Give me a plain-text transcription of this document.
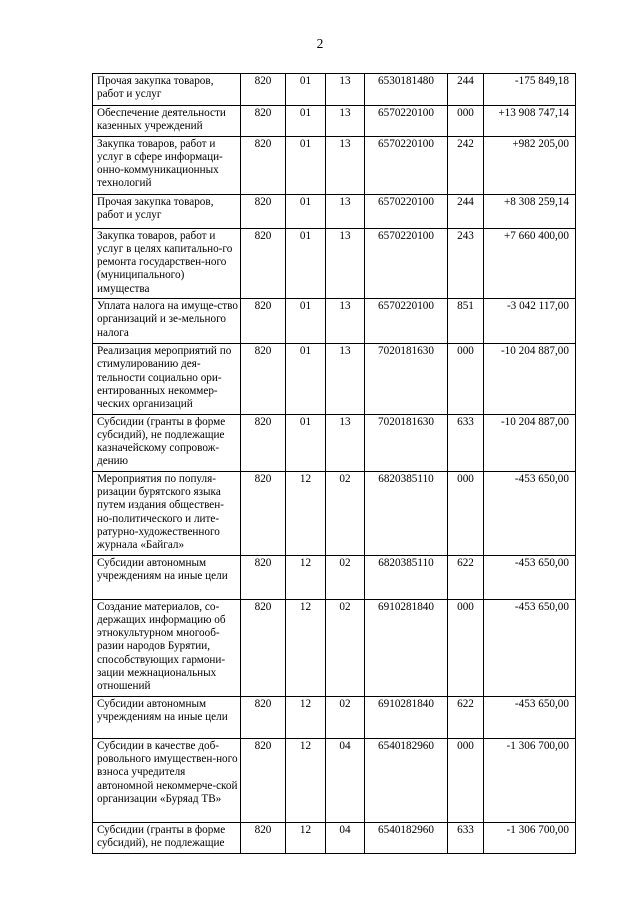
2
Прочая закупка товаров, работ и услуг	820	01	13	6530181480	244	-175 849,18
Обеспечение деятельности казенных учреждений	820	01	13	6570220100	000	+13 908 747,14
Закупка товаров, работ и услуг в сфере информаци-онно-коммуникационных технологий	820	01	13	6570220100	242	+982 205,00
Прочая закупка товаров, работ и услуг	820	01	13	6570220100	244	+8 308 259,14
Закупка товаров, работ и услуг в целях капитально-го ремонта государствен-ного (муниципального) имущества	820	01	13	6570220100	243	+7 660 400,00
Уплата налога на имуще-ство организаций и зе-мельного налога	820	01	13	6570220100	851	-3 042 117,00
Реализация мероприятий по стимулированию дея-тельности социально ори-ентированных некоммер-ческих организаций	820	01	13	7020181630	000	-10 204 887,00
Субсидии (гранты в форме субсидий), не подлежащие казначейскому сопровож-дению	820	01	13	7020181630	633	-10 204 887,00
Мероприятия по популя-ризации бурятского языка путем издания обществен-но-политического и лите-ратурно-художественного журнала «Байгал»	820	12	02	6820385110	000	-453 650,00
Субсидии автономным учреждениям на иные цели	820	12	02	6820385110	622	-453 650,00
Создание материалов, со-держащих информацию об этнокультурном многооб-разии народов Бурятии, способствующих гармони-зации межнациональных отношений	820	12	02	6910281840	000	-453 650,00
Субсидии автономным учреждениям на иные цели	820	12	02	6910281840	622	-453 650,00
Субсидии в качестве доб-ровольного имуществен-ного взноса учредителя автономной некоммерче-ской организации «Буряад ТВ»	820	12	04	6540182960	000	-1 306 700,00
Субсидии (гранты в форме субсидий), не подлежащие	820	12	04	6540182960	633	-1 306 700,00
